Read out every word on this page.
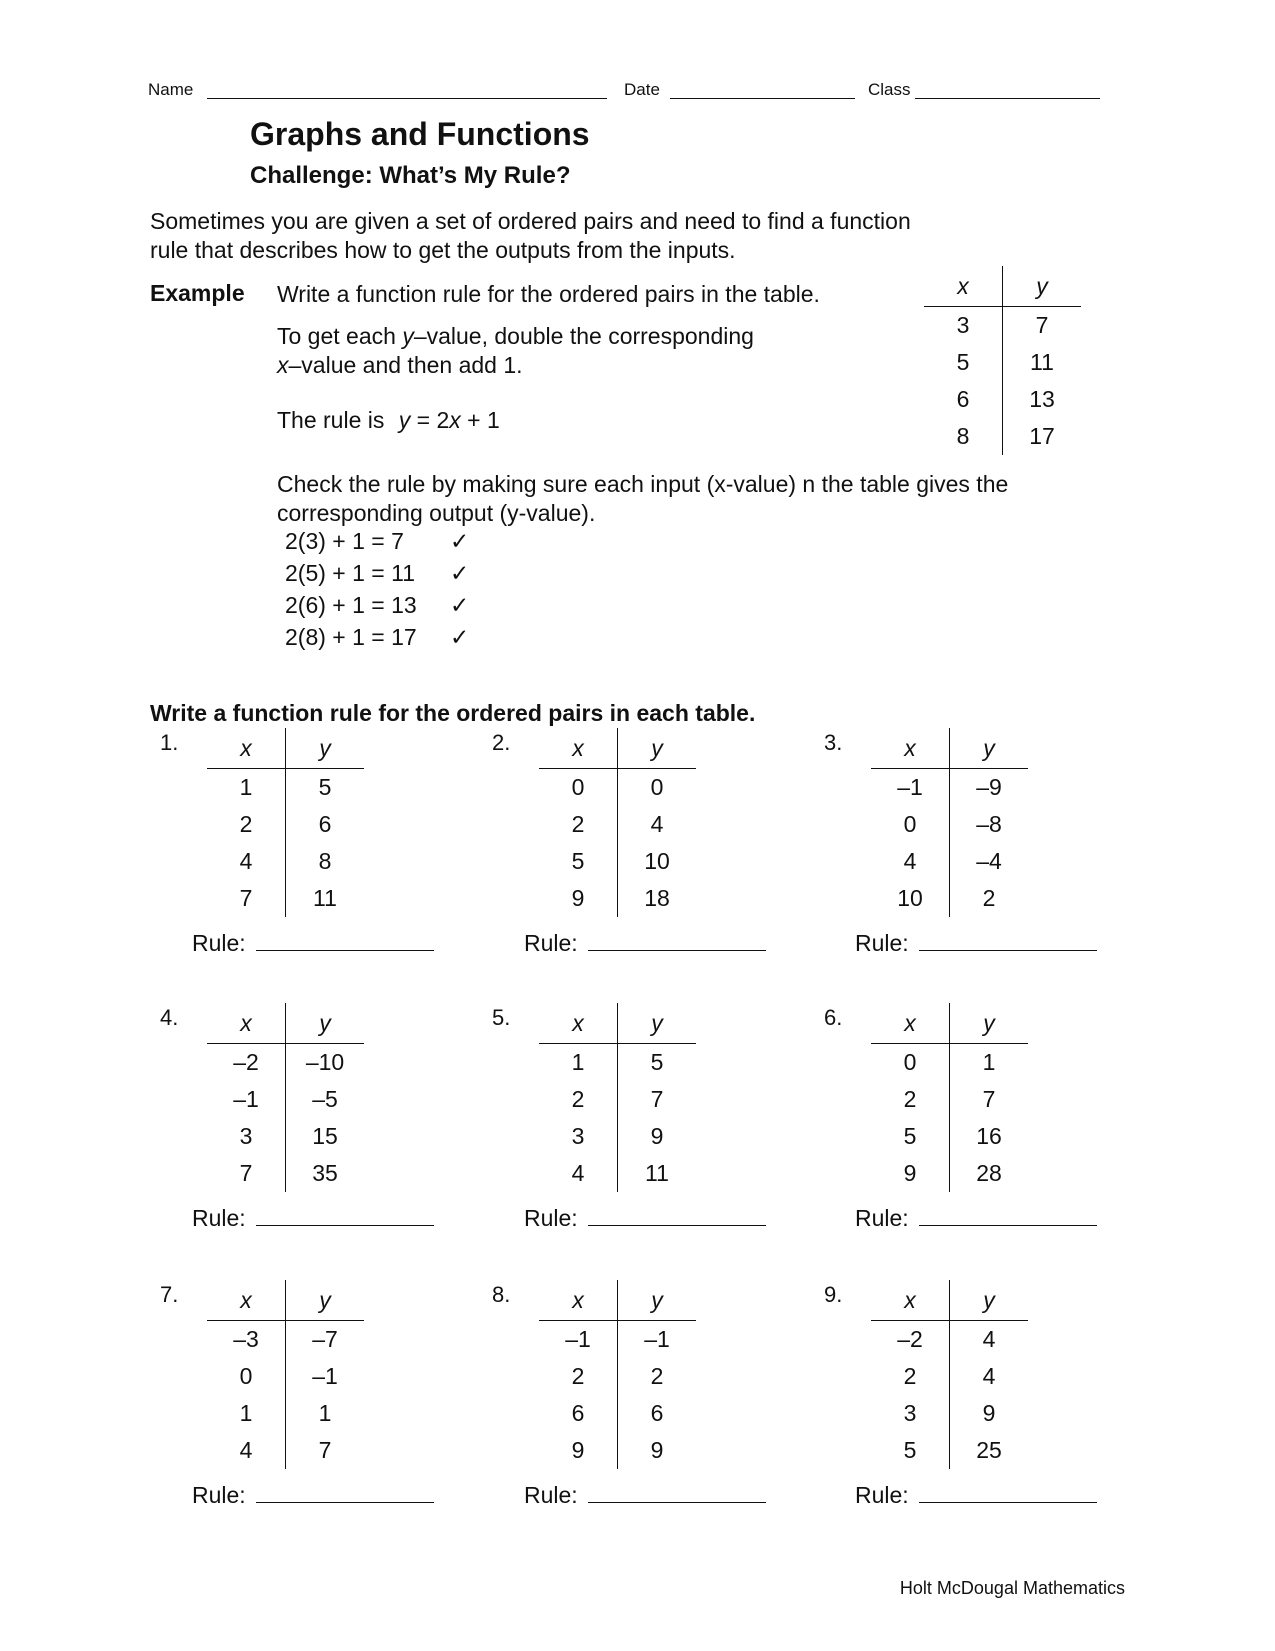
Name	Date	Class
Graphs and Functions
Challenge: What’s My Rule?
Sometimes you are given a set of ordered pairs and need to find a function rule that describes how to get the outputs from the inputs.
Example Write a function rule for the ordered pairs in the table.
To get each y–value, double the corresponding
x–value and then add 1.
The rule is y = 2x + 1
x	y
3	7
5	11
6	13
8	17
Check the rule by making sure each input (x-value) n the table gives the corresponding output (y-value).
2(3) + 1 = 7 ✓
2(5) + 1 = 11 ✓
2(6) + 1 = 13 ✓
2(8) + 1 = 17 ✓
Write a function rule for the ordered pairs in each table.
1.	x	y
1	5
2	6
4	8
7	11
Rule:
2.	x	y
0	0
2	4
5	10
9	18
Rule:
3.	x	y
–1	–9
0	–8
4	–4
10	2
Rule:
4.	x	y
–2	–10
–1	–5
3	15
7	35
Rule:
5.	x	y
1	5
2	7
3	9
4	11
Rule:
6.	x	y
0	1
2	7
5	16
9	28
Rule:
7.	x	y
–3	–7
0	–1
1	1
4	7
Rule:
8.	x	y
–1	–1
2	2
6	6
9	9
Rule:
9.	x	y
–2	4
2	4
3	9
5	25
Rule:
Holt McDougal Mathematics
